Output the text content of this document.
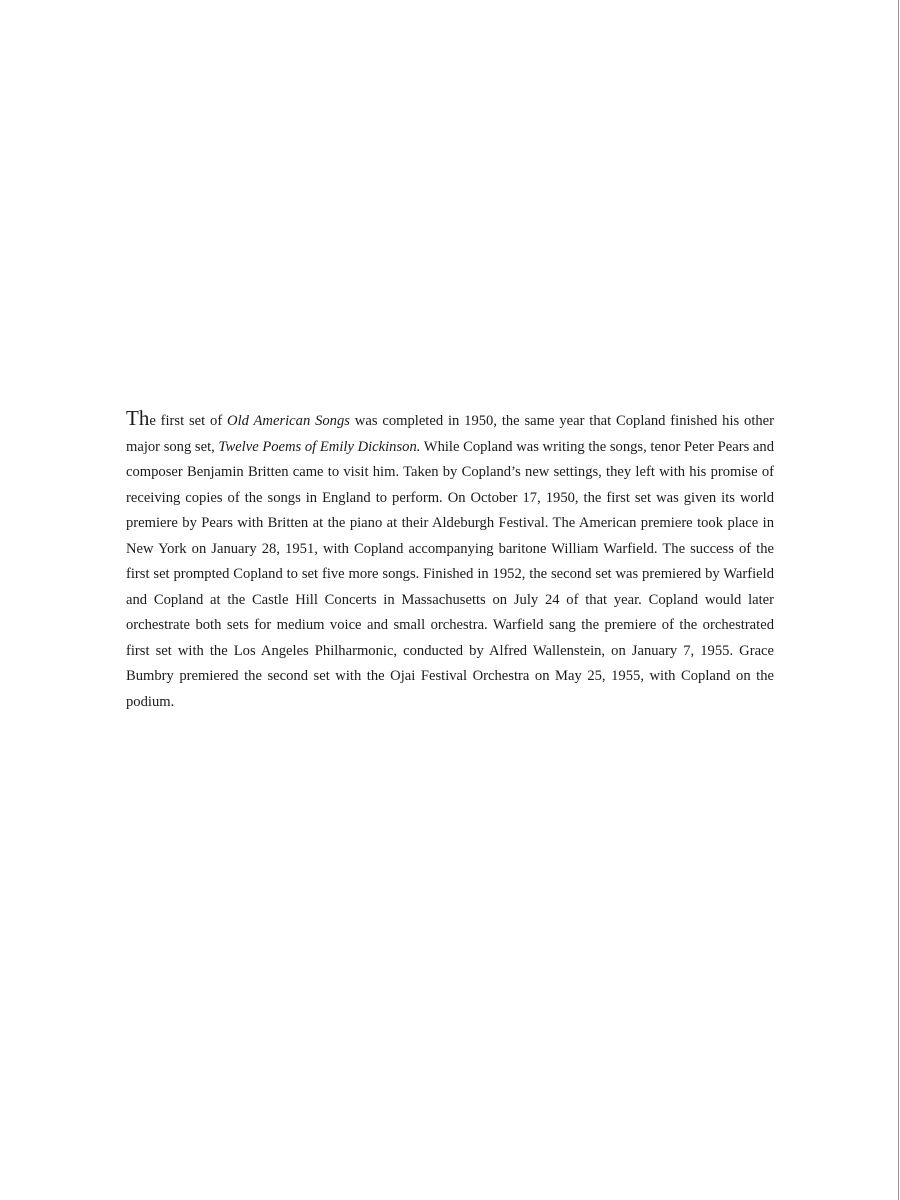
The first set of Old American Songs was completed in 1950, the same year that Copland finished his other major song set, Twelve Poems of Emily Dickinson. While Copland was writing the songs, tenor Peter Pears and composer Benjamin Britten came to visit him. Taken by Copland’s new settings, they left with his promise of receiving copies of the songs in England to perform. On October 17, 1950, the first set was given its world premiere by Pears with Britten at the piano at their Aldeburgh Festival. The American premiere took place in New York on January 28, 1951, with Copland accompanying baritone William Warfield. The success of the first set prompted Copland to set five more songs. Finished in 1952, the second set was premiered by Warfield and Copland at the Castle Hill Concerts in Massachusetts on July 24 of that year. Copland would later orchestrate both sets for medium voice and small orchestra. Warfield sang the premiere of the orchestrated first set with the Los Angeles Philharmonic, conducted by Alfred Wallenstein, on January 7, 1955. Grace Bumbry premiered the second set with the Ojai Festival Orchestra on May 25, 1955, with Copland on the podium.
